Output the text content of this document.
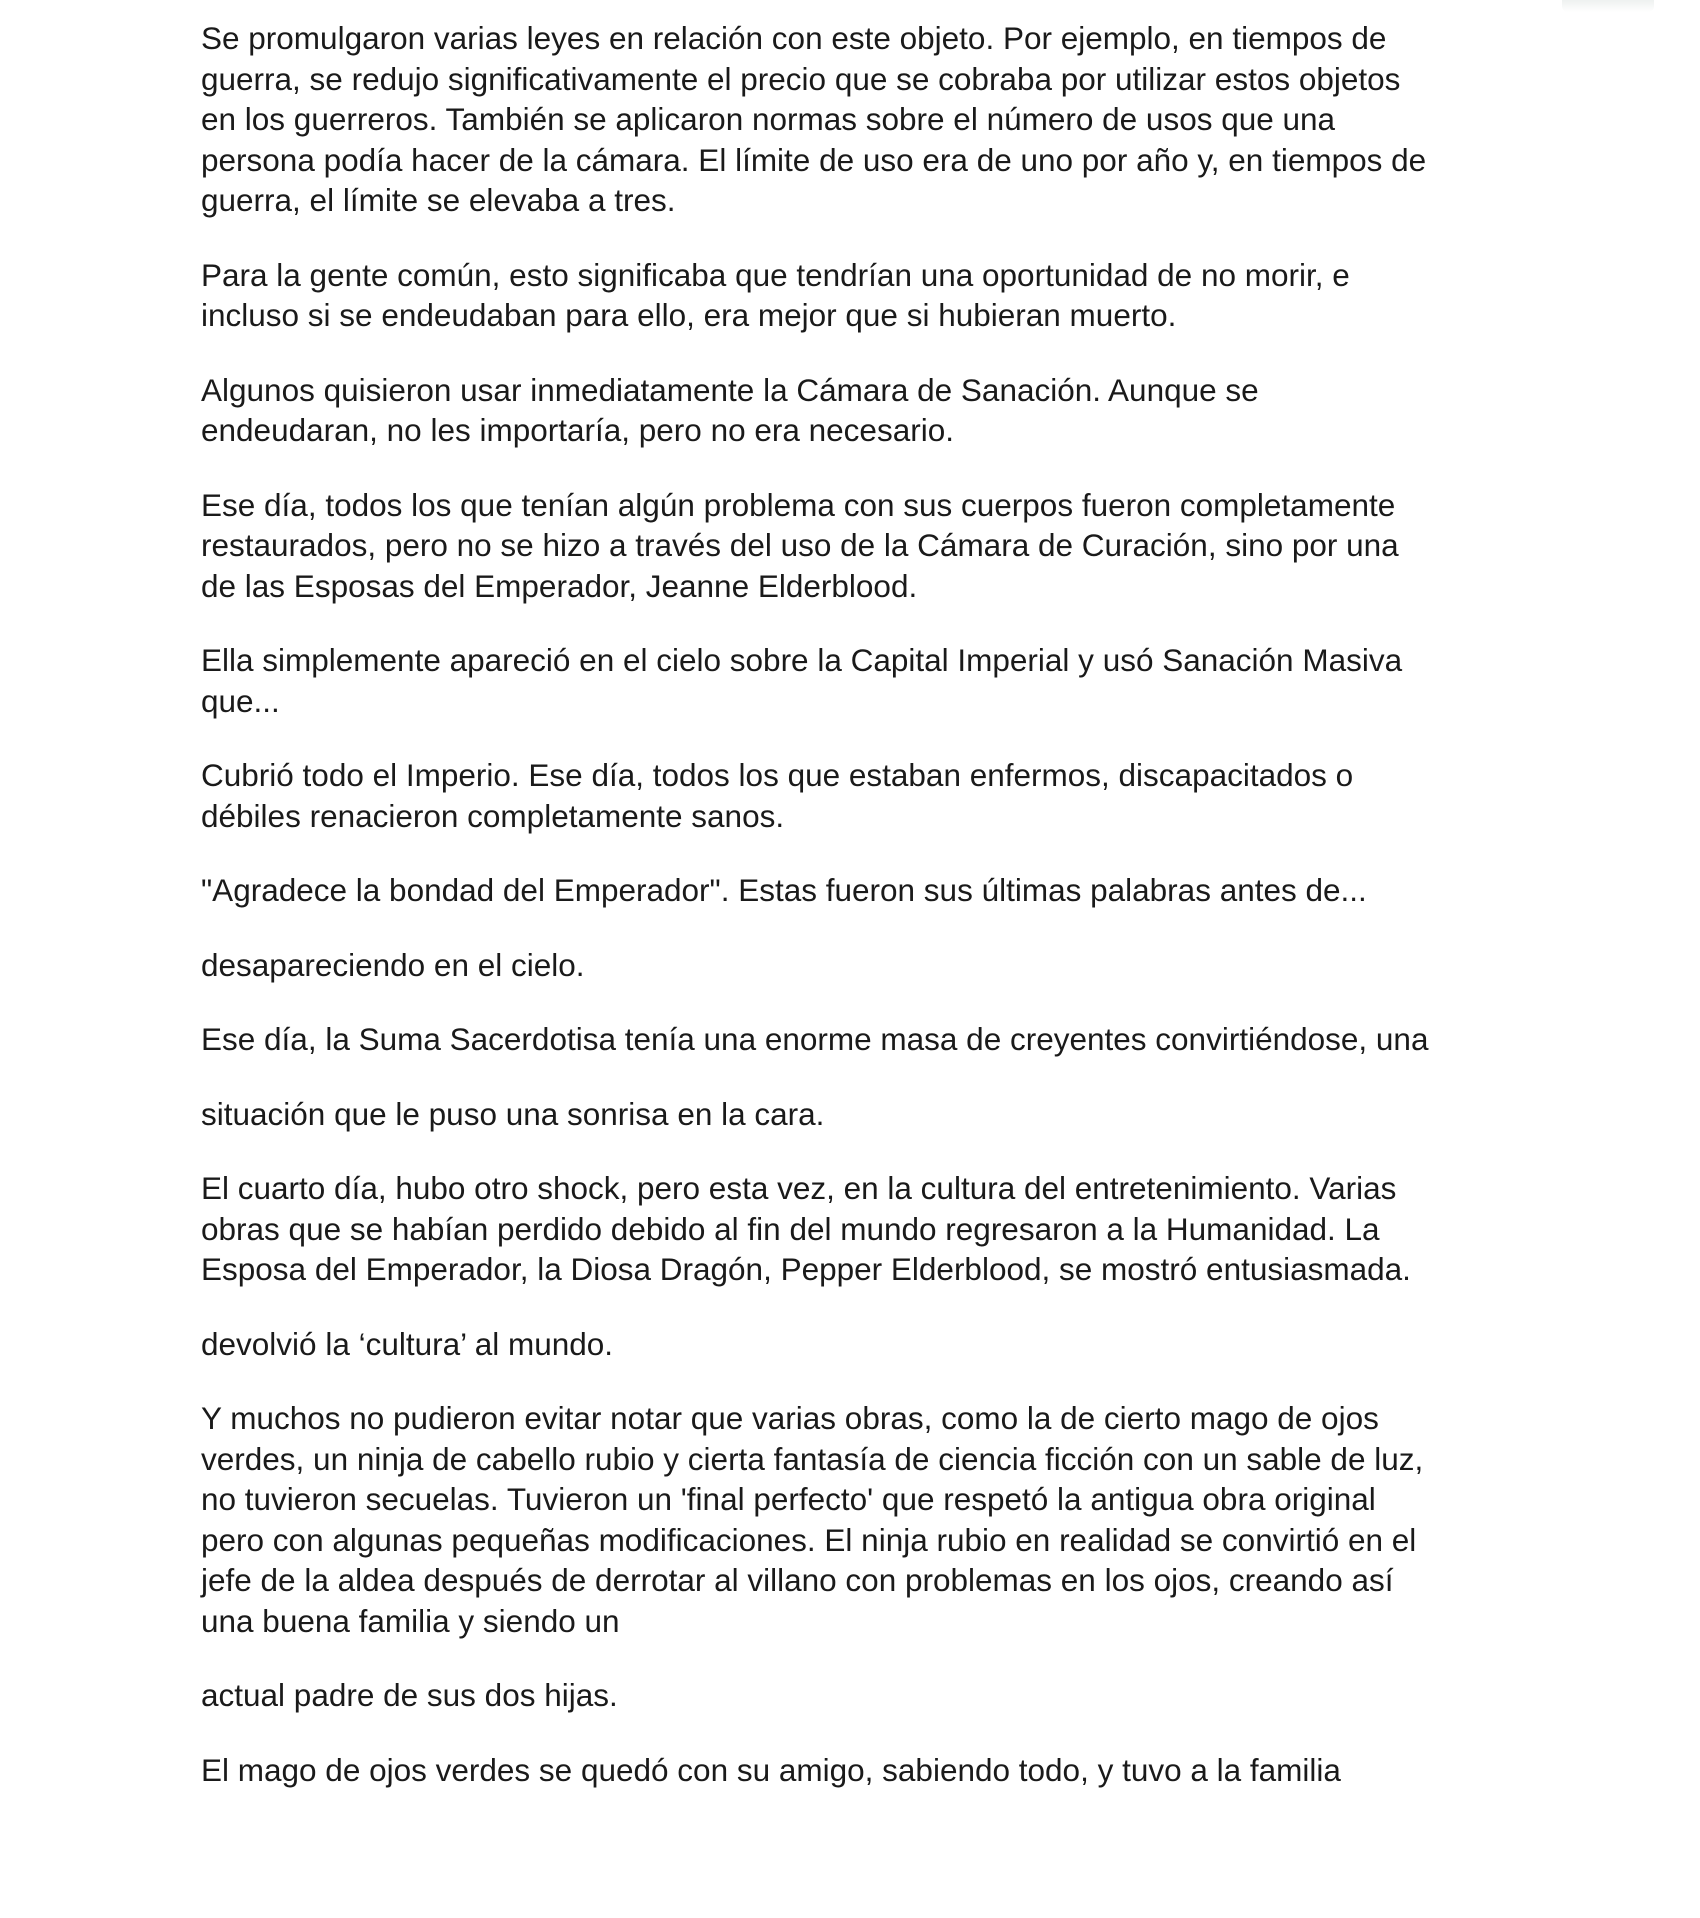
Se promulgaron varias leyes en relación con este objeto. Por ejemplo, en tiempos de
guerra, se redujo significativamente el precio que se cobraba por utilizar estos objetos
en los guerreros. También se aplicaron normas sobre el número de usos que una
persona podía hacer de la cámara. El límite de uso era de uno por año y, en tiempos de
guerra, el límite se elevaba a tres.

Para la gente común, esto significaba que tendrían una oportunidad de no morir, e
incluso si se endeudaban para ello, era mejor que si hubieran muerto.

Algunos quisieron usar inmediatamente la Cámara de Sanación. Aunque se
endeudaran, no les importaría, pero no era necesario.

Ese día, todos los que tenían algún problema con sus cuerpos fueron completamente
restaurados, pero no se hizo a través del uso de la Cámara de Curación, sino por una
de las Esposas del Emperador, Jeanne Elderblood.

Ella simplemente apareció en el cielo sobre la Capital Imperial y usó Sanación Masiva
que...

Cubrió todo el Imperio. Ese día, todos los que estaban enfermos, discapacitados o
débiles renacieron completamente sanos.

"Agradece la bondad del Emperador". Estas fueron sus últimas palabras antes de...

desapareciendo en el cielo.

Ese día, la Suma Sacerdotisa tenía una enorme masa de creyentes convirtiéndose, una

situación que le puso una sonrisa en la cara.

El cuarto día, hubo otro shock, pero esta vez, en la cultura del entretenimiento. Varias
obras que se habían perdido debido al fin del mundo regresaron a la Humanidad. La
Esposa del Emperador, la Diosa Dragón, Pepper Elderblood, se mostró entusiasmada.

devolvió la ‘cultura’ al mundo.

Y muchos no pudieron evitar notar que varias obras, como la de cierto mago de ojos
verdes, un ninja de cabello rubio y cierta fantasía de ciencia ficción con un sable de luz,
no tuvieron secuelas. Tuvieron un 'final perfecto' que respetó la antigua obra original
pero con algunas pequeñas modificaciones. El ninja rubio en realidad se convirtió en el
jefe de la aldea después de derrotar al villano con problemas en los ojos, creando así
una buena familia y siendo un

actual padre de sus dos hijas.

El mago de ojos verdes se quedó con su amigo, sabiendo todo, y tuvo a la familia
